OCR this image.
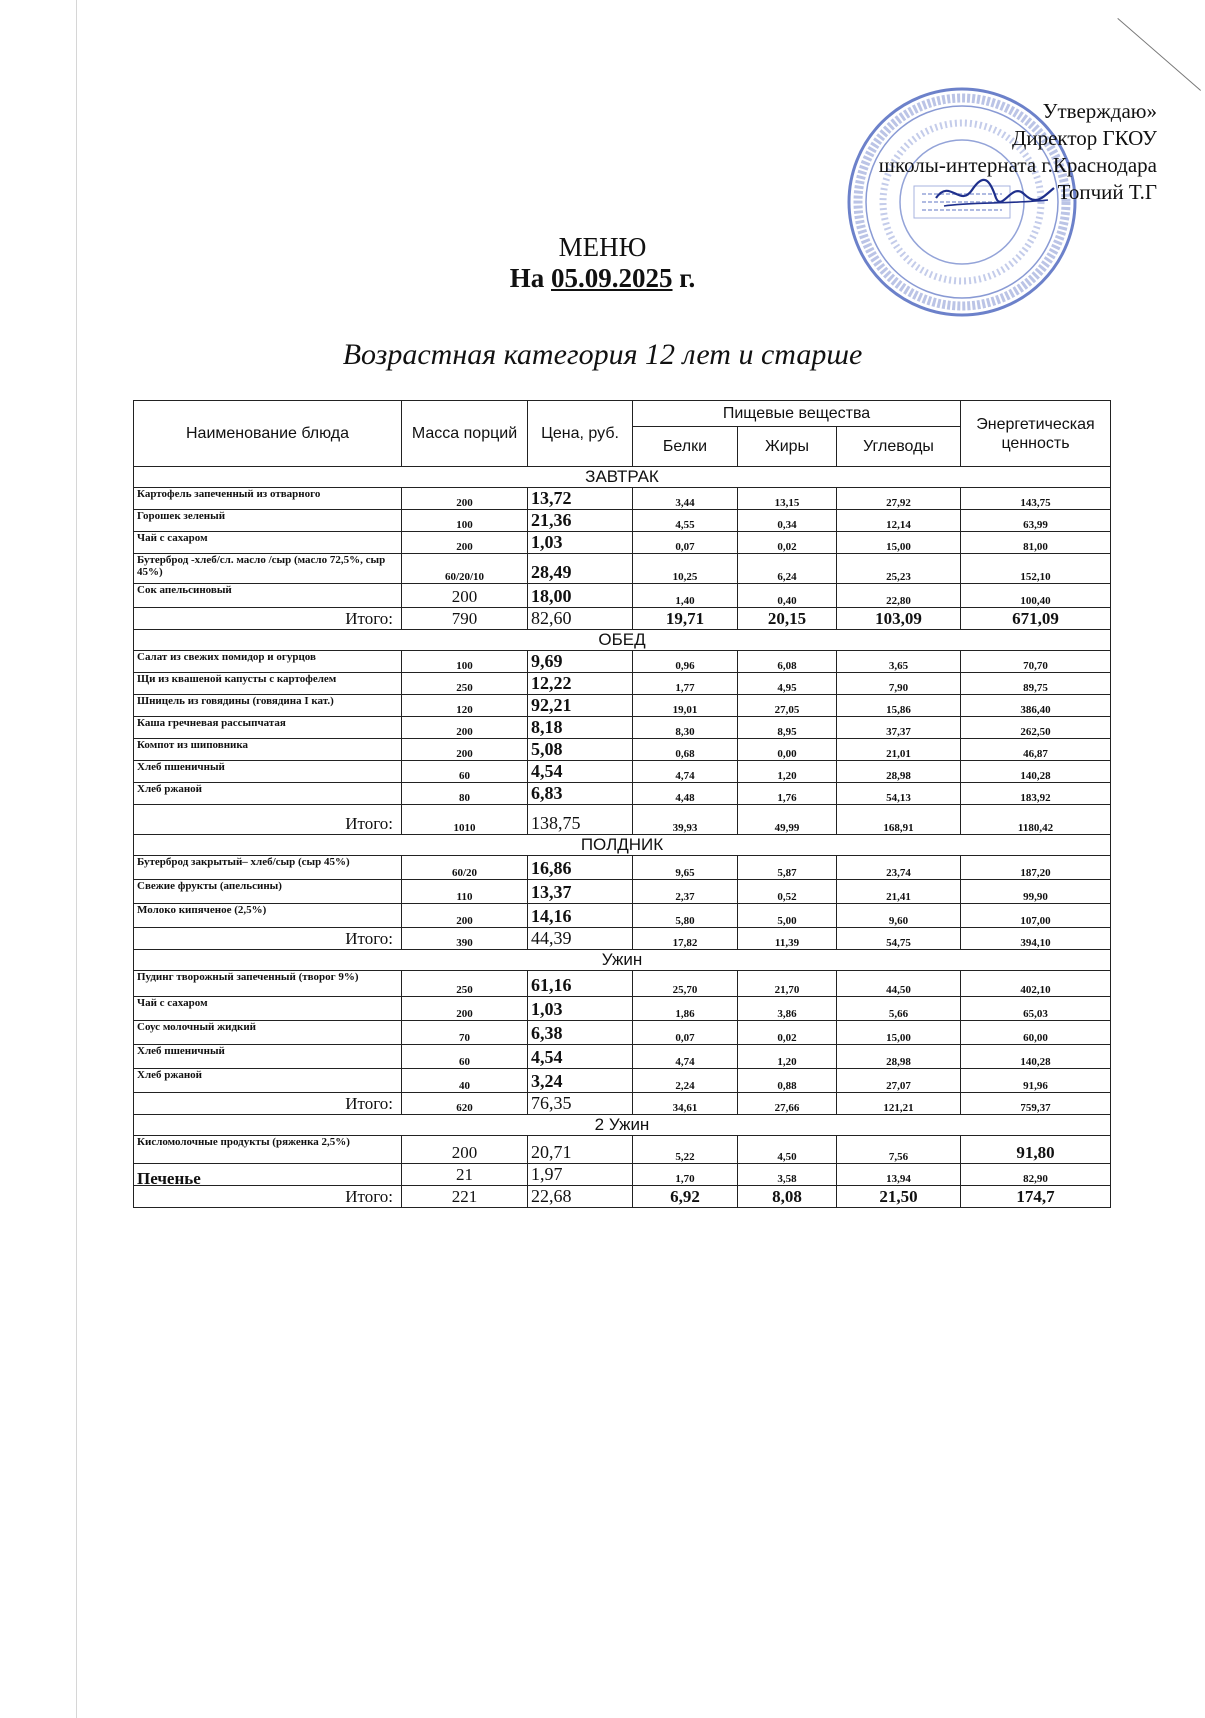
Утверждаю»
Директор ГКОУ
школы-интерната г.Краснодара
Топчий Т.Г
МЕНЮ
На 05.09.2025 г.
Возрастная категория 12 лет и старше
Наименование блюда	Масса порций	Цена, руб.	Пищевые вещества			Энергетическая ценность
			Белки	Жиры	Углеводы	
ЗАВТРАК						
Картофель запеченный из отварного	200	13,72	3,44	13,15	27,92	143,75
Горошек зеленый	100	21,36	4,55	0,34	12,14	63,99
Чай с сахаром	200	1,03	0,07	0,02	15,00	81,00
Бутерброд -хлеб/сл. масло /сыр (масло 72,5%, сыр 45%)	60/20/10	28,49	10,25	6,24	25,23	152,10
Сок апельсиновый	200	18,00	1,40	0,40	22,80	100,40
Итого:	790	82,60	19,71	20,15	103,09	671,09
ОБЕД						
Салат из свежих помидор и огурцов	100	9,69	0,96	6,08	3,65	70,70
Щи из квашеной капусты с картофелем	250	12,22	1,77	4,95	7,90	89,75
Шницель из говядины (говядина I кат.)	120	92,21	19,01	27,05	15,86	386,40
Каша гречневая рассыпчатая	200	8,18	8,30	8,95	37,37	262,50
Компот из шиповника	200	5,08	0,68	0,00	21,01	46,87
Хлеб пшеничный	60	4,54	4,74	1,20	28,98	140,28
Хлеб ржаной	80	6,83	4,48	1,76	54,13	183,92
Итого:	1010	138,75	39,93	49,99	168,91	1180,42
ПОЛДНИК						
Бутерброд закрытый– хлеб/сыр (сыр 45%)	60/20	16,86	9,65	5,87	23,74	187,20
Свежие фрукты (апельсины)	110	13,37	2,37	0,52	21,41	99,90
Молоко кипяченое (2,5%)	200	14,16	5,80	5,00	9,60	107,00
Итого:	390	44,39	17,82	11,39	54,75	394,10
Ужин						
Пудинг творожный запеченный (творог 9%)	250	61,16	25,70	21,70	44,50	402,10
Чай с сахаром	200	1,03	1,86	3,86	5,66	65,03
Соус молочный жидкий	70	6,38	0,07	0,02	15,00	60,00
Хлеб пшеничный	60	4,54	4,74	1,20	28,98	140,28
Хлеб ржаной	40	3,24	2,24	0,88	27,07	91,96
Итого:	620	76,35	34,61	27,66	121,21	759,37
2 Ужин						
Кисломолочные продукты (ряженка 2,5%)	200	20,71	5,22	4,50	7,56	91,80
Печенье	21	1,97	1,70	3,58	13,94	82,90
Итого:	221	22,68	6,92	8,08	21,50	174,7
